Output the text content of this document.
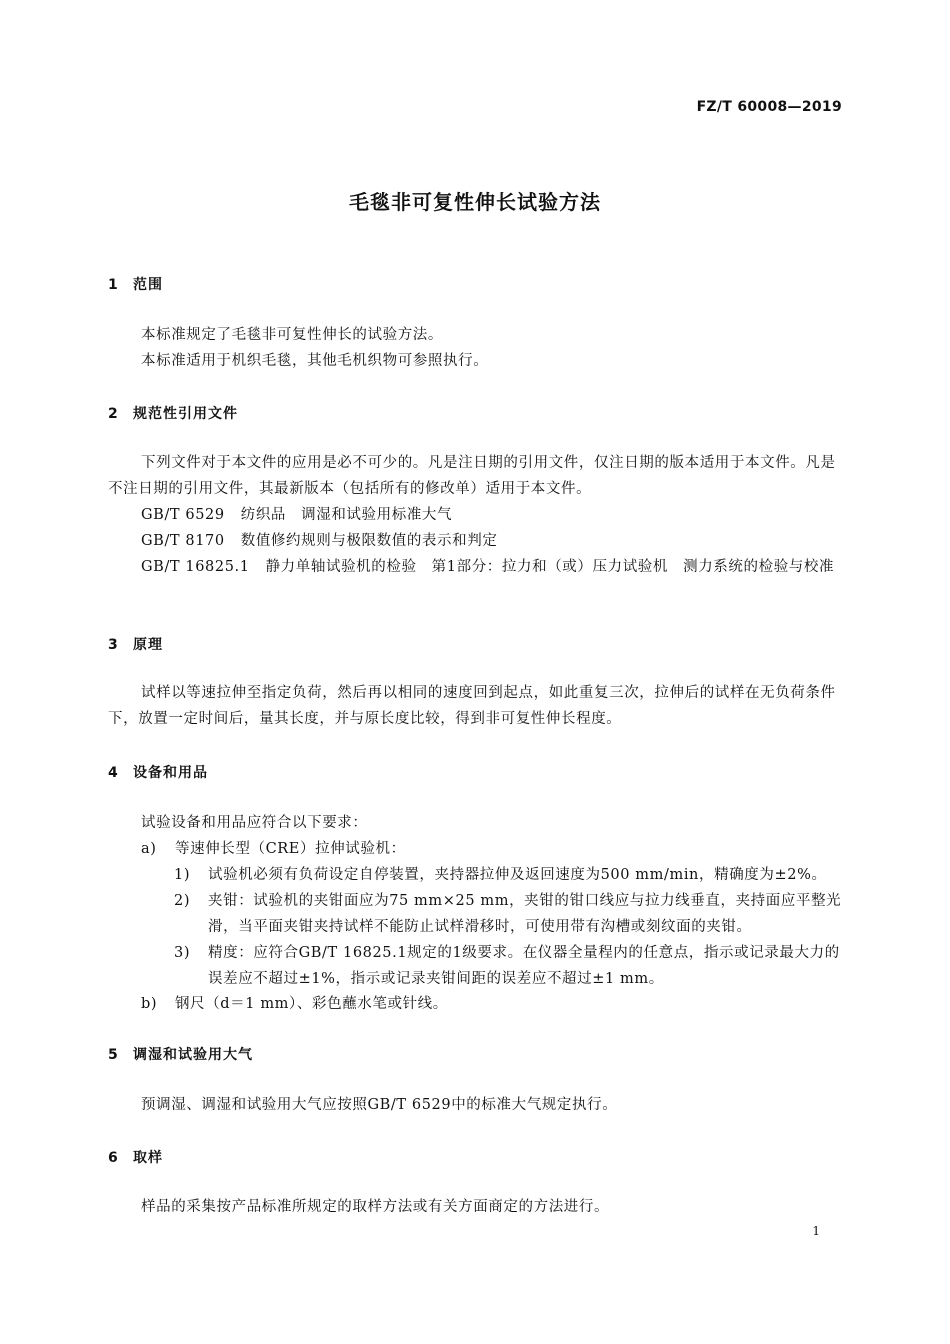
FZ/T 60008—2019
毛毯非可复性伸长试验方法
1 范围
本标准规定了毛毯非可复性伸长的试验方法。
本标准适用于机织毛毯，其他毛机织物可参照执行。
2 规范性引用文件
下列文件对于本文件的应用是必不可少的。凡是注日期的引用文件，仅注日期的版本适用于本文件。凡是不注日期的引用文件，其最新版本（包括所有的修改单）适用于本文件。
GB/T 6529 纺织品　调湿和试验用标准大气
GB/T 8170 数值修约规则与极限数值的表示和判定
GB/T 16825.1 静力单轴试验机的检验　第1部分：拉力和（或）压力试验机　测力系统的检验与校准
3 原理
试样以等速拉伸至指定负荷，然后再以相同的速度回到起点，如此重复三次，拉伸后的试样在无负荷条件下，放置一定时间后，量其长度，并与原长度比较，得到非可复性伸长程度。
4 设备和用品
试验设备和用品应符合以下要求：
a) 等速伸长型（CRE）拉伸试验机：
1) 试验机必须有负荷设定自停装置，夹持器拉伸及返回速度为500 mm/min，精确度为±2%。
2) 夹钳：试验机的夹钳面应为75 mm×25 mm，夹钳的钳口线应与拉力线垂直，夹持面应平整光滑，当平面夹钳夹持试样不能防止试样滑移时，可使用带有沟槽或刻纹面的夹钳。
3) 精度：应符合GB/T 16825.1规定的1级要求。在仪器全量程内的任意点，指示或记录最大力的误差应不超过±1%，指示或记录夹钳间距的误差应不超过±1 mm。
b) 钢尺（d＝1 mm）、彩色蘸水笔或针线。
5 调湿和试验用大气
预调湿、调湿和试验用大气应按照GB/T 6529中的标准大气规定执行。
6 取样
样品的采集按产品标准所规定的取样方法或有关方面商定的方法进行。
1
